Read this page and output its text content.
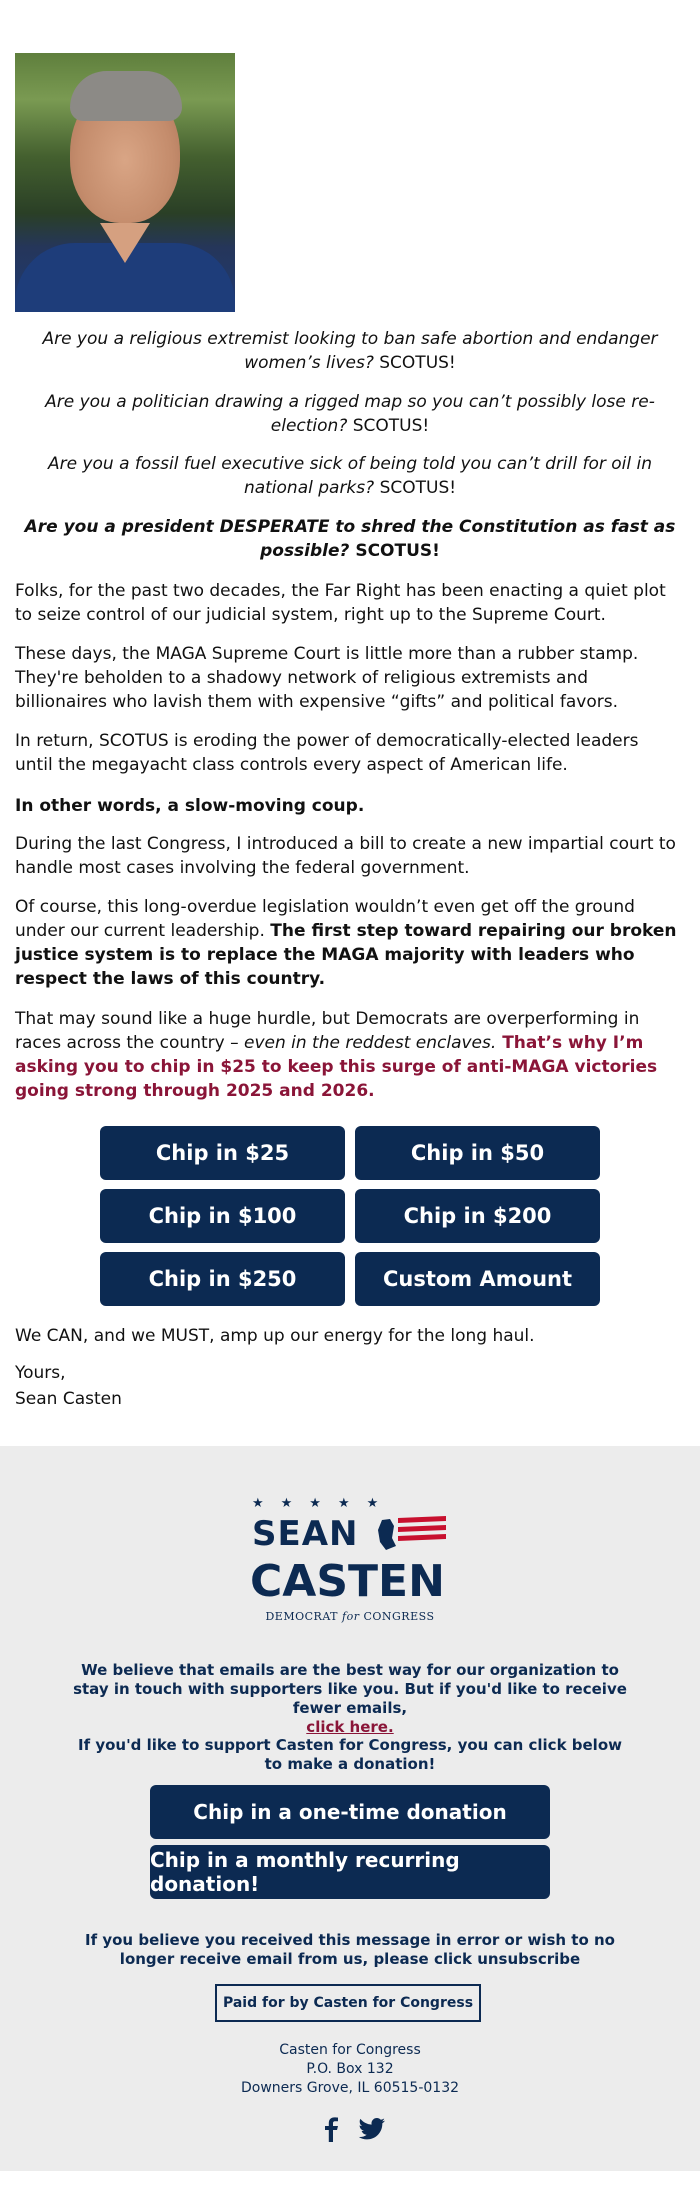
Are you a religious extremist looking to ban safe abortion and endanger women’s lives? SCOTUS!
Are you a politician drawing a rigged map so you can’t possibly lose re-election? SCOTUS!
Are you a fossil fuel executive sick of being told you can’t drill for oil in national parks? SCOTUS!
Are you a president DESPERATE to shred the Constitution as fast as possible? SCOTUS!
Folks, for the past two decades, the Far Right has been enacting a quiet plot to seize control of our judicial system, right up to the Supreme Court.
These days, the MAGA Supreme Court is little more than a rubber stamp. They're beholden to a shadowy network of religious extremists and billionaires who lavish them with expensive “gifts” and political favors.
In return, SCOTUS is eroding the power of democratically-elected leaders until the megayacht class controls every aspect of American life.
In other words, a slow-moving coup.
During the last Congress, I introduced a bill to create a new impartial court to handle most cases involving the federal government.
Of course, this long-overdue legislation wouldn’t even get off the ground under our current leadership. The first step toward repairing our broken justice system is to replace the MAGA majority with leaders who respect the laws of this country.
That may sound like a huge hurdle, but Democrats are overperforming in races across the country – even in the reddest enclaves. That’s why I’m asking you to chip in $25 to keep this surge of anti-MAGA victories going strong through 2025 and 2026.
Chip in $25	Chip in $50
Chip in $100	Chip in $200
Chip in $250	Custom Amount
We CAN, and we MUST, amp up our energy for the long haul.
Yours,
Sean Casten
★★★★★
SEAN
CASTEN
DEMOCRAT for CONGRESS
We believe that emails are the best way for our organization to stay in touch with supporters like you. But if you'd like to receive fewer emails,
click here.
If you'd like to support Casten for Congress, you can click below to make a donation!
Chip in a one-time donation
Chip in a monthly recurring donation!
If you believe you received this message in error or wish to no longer receive email from us, please click unsubscribe
Paid for by Casten for Congress
Casten for Congress
P.O. Box 132
Downers Grove, IL 60515-0132
